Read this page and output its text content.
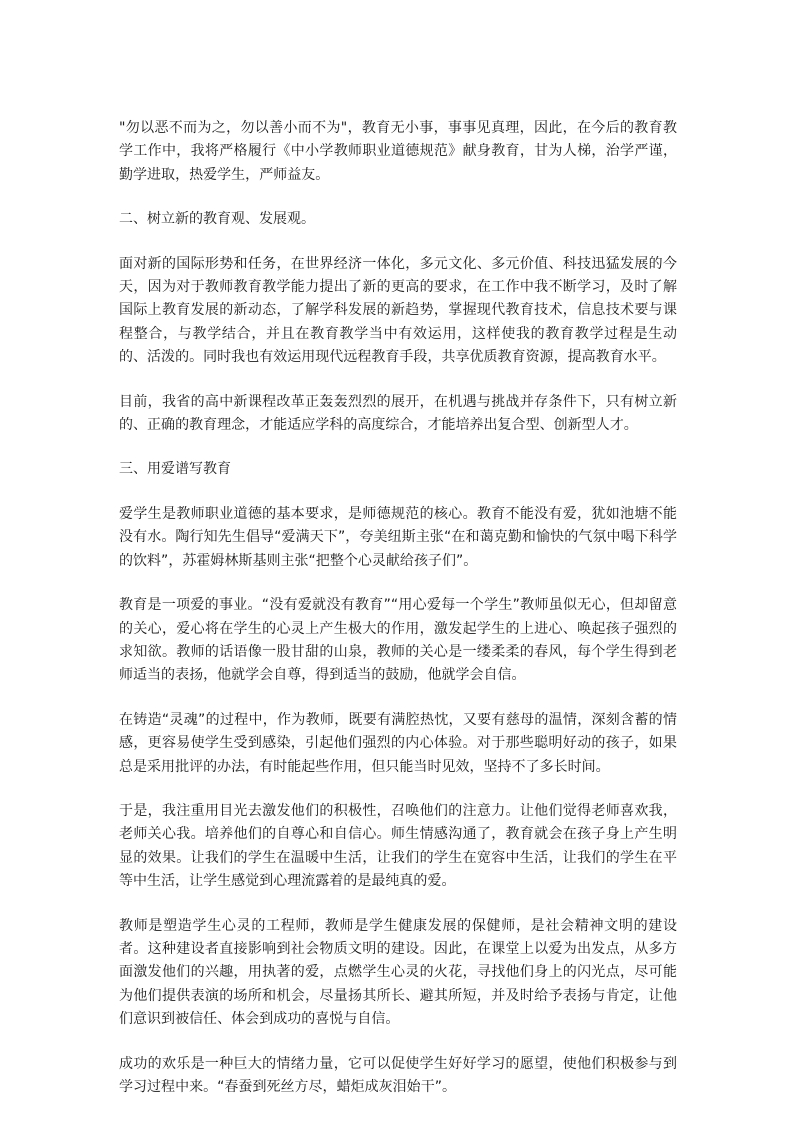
"勿以恶不而为之，勿以善小而不为"，教育无小事，事事见真理，因此，在今后的教育教学工作中，我将严格履行《中小学教师职业道德规范》献身教育，甘为人梯，治学严谨，勤学进取，热爱学生，严师益友。

二、树立新的教育观、发展观。

面对新的国际形势和任务，在世界经济一体化，多元文化、多元价值、科技迅猛发展的今天，因为对于教师教育教学能力提出了新的更高的要求，在工作中我不断学习，及时了解国际上教育发展的新动态，了解学科发展的新趋势，掌握现代教育技术，信息技术要与课程整合，与教学结合，并且在教育教学当中有效运用，这样使我的教育教学过程是生动的、活泼的。同时我也有效运用现代远程教育手段，共享优质教育资源，提高教育水平。

目前，我省的高中新课程改革正轰轰烈烈的展开，在机遇与挑战并存条件下，只有树立新的、正确的教育理念，才能适应学科的高度综合，才能培养出复合型、创新型人才。

三、用爱谱写教育

爱学生是教师职业道德的基本要求，是师德规范的核心。教育不能没有爱，犹如池塘不能没有水。陶行知先生倡导“爱满天下”，夸美纽斯主张“在和蔼克勤和愉快的气氛中喝下科学的饮料”，苏霍姆林斯基则主张“把整个心灵献给孩子们”。

教育是一项爱的事业。“没有爱就没有教育”“用心爱每一个学生”教师虽似无心，但却留意的关心，爱心将在学生的心灵上产生极大的作用，激发起学生的上进心、唤起孩子强烈的求知欲。教师的话语像一股甘甜的山泉，教师的关心是一缕柔柔的春风，每个学生得到老师适当的表扬，他就学会自尊，得到适当的鼓励，他就学会自信。

在铸造“灵魂”的过程中，作为教师，既要有满腔热忱，又要有慈母的温情，深刻含蓄的情感，更容易使学生受到感染，引起他们强烈的内心体验。对于那些聪明好动的孩子，如果总是采用批评的办法，有时能起些作用，但只能当时见效，坚持不了多长时间。

于是，我注重用目光去激发他们的积极性，召唤他们的注意力。让他们觉得老师喜欢我，老师关心我。培养他们的自尊心和自信心。师生情感沟通了，教育就会在孩子身上产生明显的效果。让我们的学生在温暖中生活，让我们的学生在宽容中生活，让我们的学生在平等中生活，让学生感觉到心理流露着的是最纯真的爱。

教师是塑造学生心灵的工程师，教师是学生健康发展的保健师，是社会精神文明的建设者。这种建设者直接影响到社会物质文明的建设。因此，在课堂上以爱为出发点，从多方面激发他们的兴趣，用执著的爱，点燃学生心灵的火花，寻找他们身上的闪光点，尽可能为他们提供表演的场所和机会，尽量扬其所长、避其所短，并及时给予表扬与肯定，让他们意识到被信任、体会到成功的喜悦与自信。

成功的欢乐是一种巨大的情绪力量，它可以促使学生好好学习的愿望，使他们积极参与到学习过程中来。“春蚕到死丝方尽，蜡炬成灰泪始干”。
